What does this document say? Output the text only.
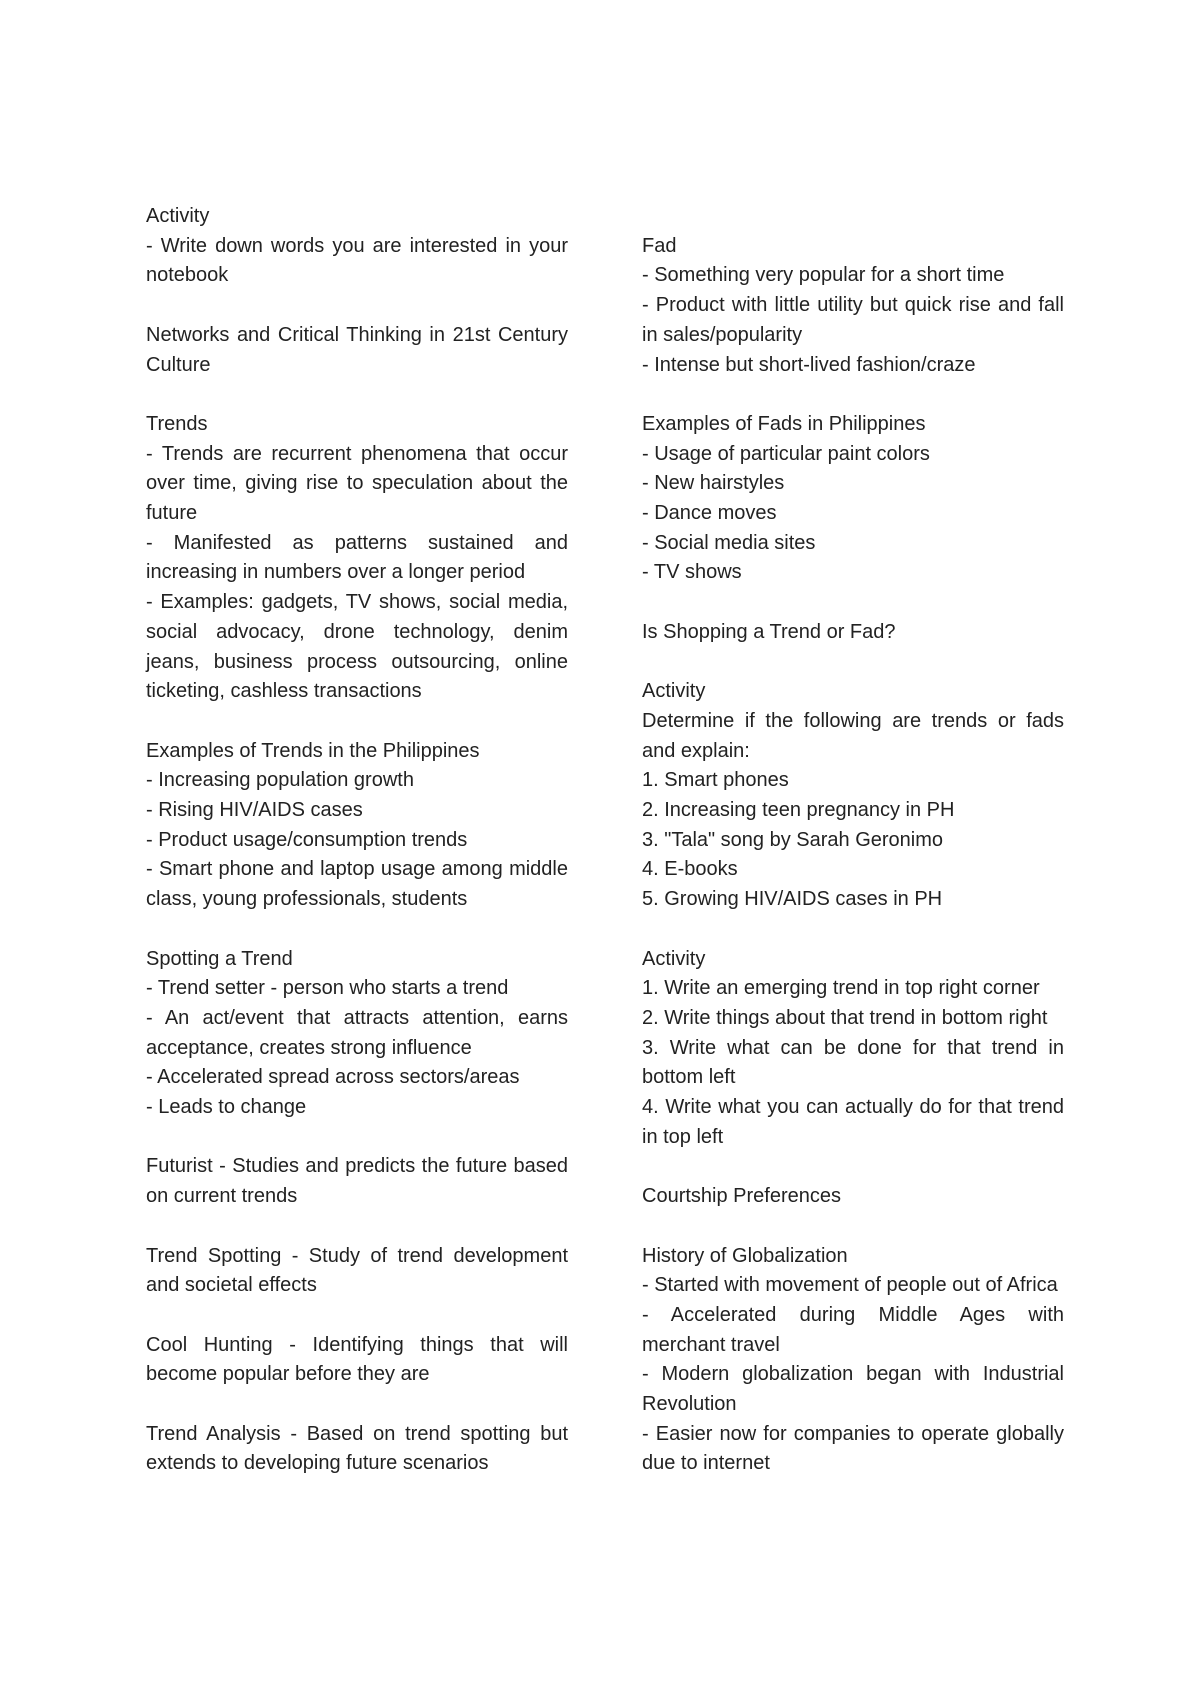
Activity
- Write down words you are interested in your notebook
Networks and Critical Thinking in 21st Century Culture
Trends
- Trends are recurrent phenomena that occur over time, giving rise to speculation about the future
- Manifested as patterns sustained and increasing in numbers over a longer period
- Examples: gadgets, TV shows, social media, social advocacy, drone technology, denim jeans, business process outsourcing, online ticketing, cashless transactions
Examples of Trends in the Philippines
- Increasing population growth
- Rising HIV/AIDS cases
- Product usage/consumption trends
- Smart phone and laptop usage among middle class, young professionals, students
Spotting a Trend
- Trend setter - person who starts a trend
- An act/event that attracts attention, earns acceptance, creates strong influence
- Accelerated spread across sectors/areas
- Leads to change
Futurist - Studies and predicts the future based on current trends
Trend Spotting - Study of trend development and societal effects
Cool Hunting - Identifying things that will become popular before they are
Trend Analysis - Based on trend spotting but extends to developing future scenarios
Fad
- Something very popular for a short time
- Product with little utility but quick rise and fall in sales/popularity
- Intense but short-lived fashion/craze
Examples of Fads in Philippines
- Usage of particular paint colors
- New hairstyles
- Dance moves
- Social media sites
- TV shows
Is Shopping a Trend or Fad?
Activity
Determine if the following are trends or fads and explain:
1. Smart phones
2. Increasing teen pregnancy in PH
3. "Tala" song by Sarah Geronimo
4. E-books
5. Growing HIV/AIDS cases in PH
Activity
1. Write an emerging trend in top right corner
2. Write things about that trend in bottom right
3. Write what can be done for that trend in bottom left
4. Write what you can actually do for that trend in top left
Courtship Preferences
History of Globalization
- Started with movement of people out of Africa
- Accelerated during Middle Ages with merchant travel
- Modern globalization began with Industrial Revolution
- Easier now for companies to operate globally due to internet
